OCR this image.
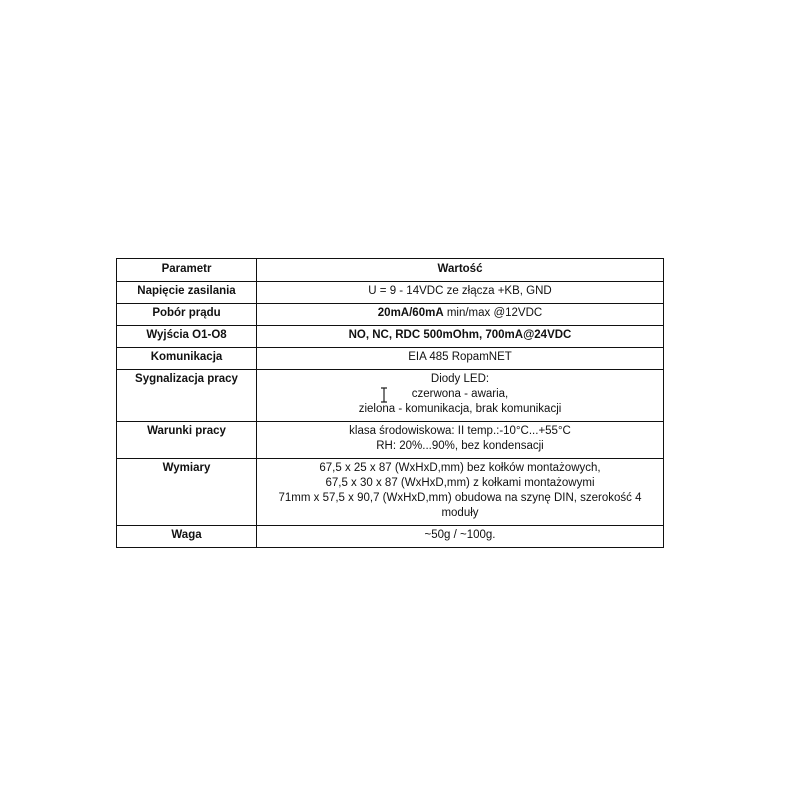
Parametr	Wartość
Napięcie zasilania	U = 9 - 14VDC ze złącza +KB, GND

Pobór prądu	20mA/60mA min/max @12VDC
Wyjścia O1-O8	NO, NC, RDC 500mOhm, 700mA@24VDC
Komunikacja	EIA 485 RopamNET

Sygnalizacja pracy	Diody LED:
czerwona - awaria,
zielona - komunikacja, brak komunikacji

Warunki pracy	klasa środowiskowa: II temp.:-10°C...+55°C
RH: 20%...90%, bez kondensacji

Wymiary	67,5 x 25 x 87 (WxHxD,mm) bez kołków montażowych,
67,5 x 30 x 87 (WxHxD,mm) z kołkami montażowymi
71mm x 57,5 x 90,7 (WxHxD,mm) obudowa na szynę DIN, szerokość 4 moduły

Waga	~50g / ~100g.
